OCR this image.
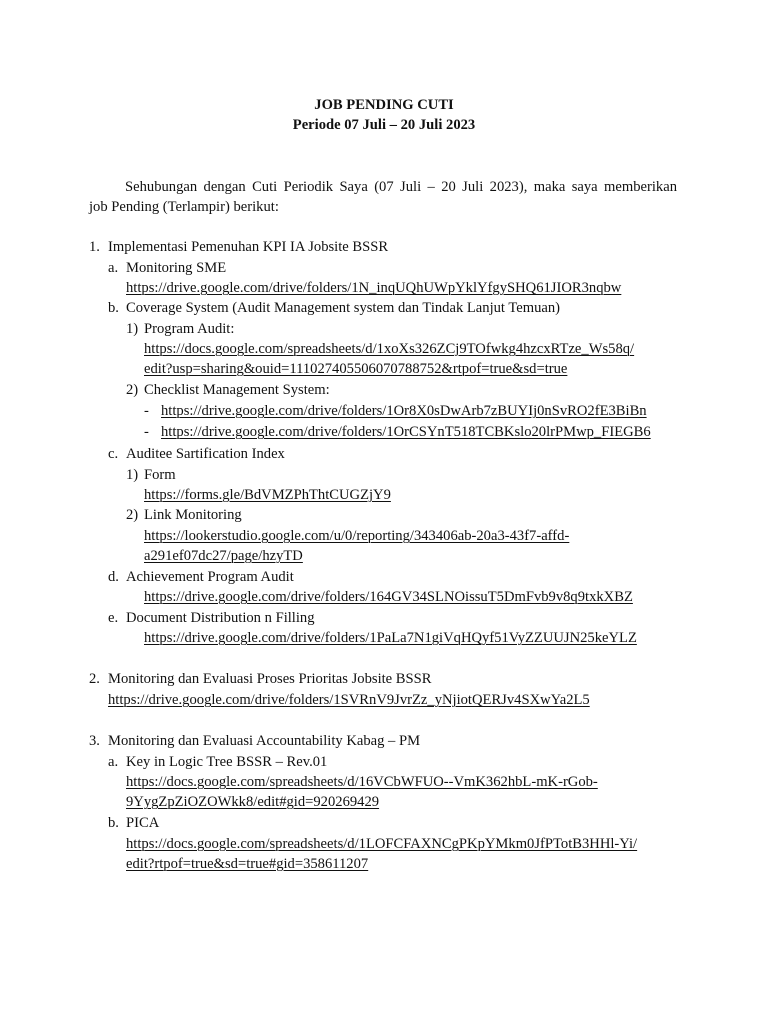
JOB PENDING CUTI
Periode 07 Juli – 20 Juli 2023
Sehubungan dengan Cuti Periodik Saya (07 Juli – 20 Juli 2023), maka saya memberikan
job Pending (Terlampir) berikut:
1. Implementasi Pemenuhan KPI IA Jobsite BSSR
a. Monitoring SME
https://drive.google.com/drive/folders/1N_inqUQhUWpYklYfgySHQ61JIOR3nqbw
b. Coverage System (Audit Management system dan Tindak Lanjut Temuan)
1) Program Audit:
https://docs.google.com/spreadsheets/d/1xoXs326ZCj9TOfwkg4hzcxRTze_Ws58q/
edit?usp=sharing&ouid=111027405506070788752&rtpof=true&sd=true
2) Checklist Management System:
- https://drive.google.com/drive/folders/1Or8X0sDwArb7zBUYIj0nSvRO2fE3BiBn
- https://drive.google.com/drive/folders/1OrCSYnT518TCBKslo20lrPMwp_FIEGB6
c. Auditee Sartification Index
1) Form
https://forms.gle/BdVMZPhThtCUGZjY9
2) Link Monitoring
https://lookerstudio.google.com/u/0/reporting/343406ab-20a3-43f7-affd-
a291ef07dc27/page/hzyTD
d. Achievement Program Audit
https://drive.google.com/drive/folders/164GV34SLNOissuT5DmFvb9v8q9txkXBZ
e. Document Distribution n Filling
https://drive.google.com/drive/folders/1PaLa7N1giVqHQyf51VyZZUUJN25keYLZ
2. Monitoring dan Evaluasi Proses Prioritas Jobsite BSSR
https://drive.google.com/drive/folders/1SVRnV9JvrZz_yNjiotQERJv4SXwYa2L5
3. Monitoring dan Evaluasi Accountability Kabag – PM
a. Key in Logic Tree BSSR – Rev.01
https://docs.google.com/spreadsheets/d/16VCbWFUO--VmK362hbL-mK-rGob-
9YygZpZiOZOWkk8/edit#gid=920269429
b. PICA
https://docs.google.com/spreadsheets/d/1LOFCFAXNCgPKpYMkm0JfPTotB3HHl-Yi/
edit?rtpof=true&sd=true#gid=358611207
